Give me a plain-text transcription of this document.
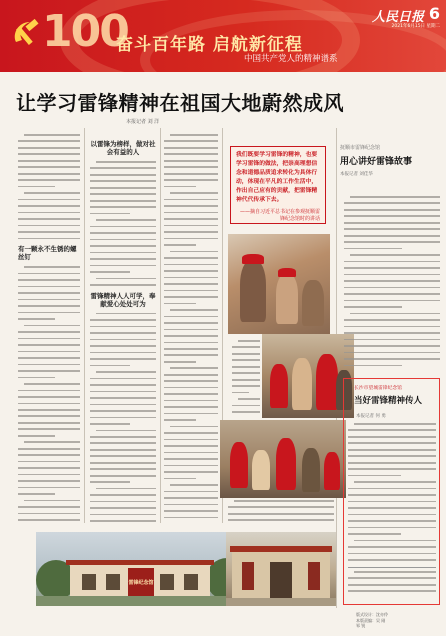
100
奋斗百年路 启航新征程
中国共产党人的精神谱系
人民日报 6
2021年6月15日 星期二
让学习雷锋精神在祖国大地蔚然成风
本报记者 刘 洋
有一颗永不生锈的螺丝钉
以雷锋为榜样，做对社会有益的人
雷锋精神人人可学，奉献爱心处处可为
我们既要学习雷锋的精神，也要学习雷锋的做法，把崇高理想信念和道德品质追求转化为具体行动，体现在平凡的工作生活中，作出自己应有的贡献，把雷锋精神代代传承下去。
——摘自习近平总书记在参观抚顺雷锋纪念馆时的讲话
雷锋纪念馆
抚顺市雷锋纪念馆
用心讲好雷锋故事
本报记者 刘佳华
长沙市望城雷锋纪念馆
当好雷锋精神传人
本报记者 何 勇
版式设计：沈亦伶
本版责编：吴 刚
邹 锐
